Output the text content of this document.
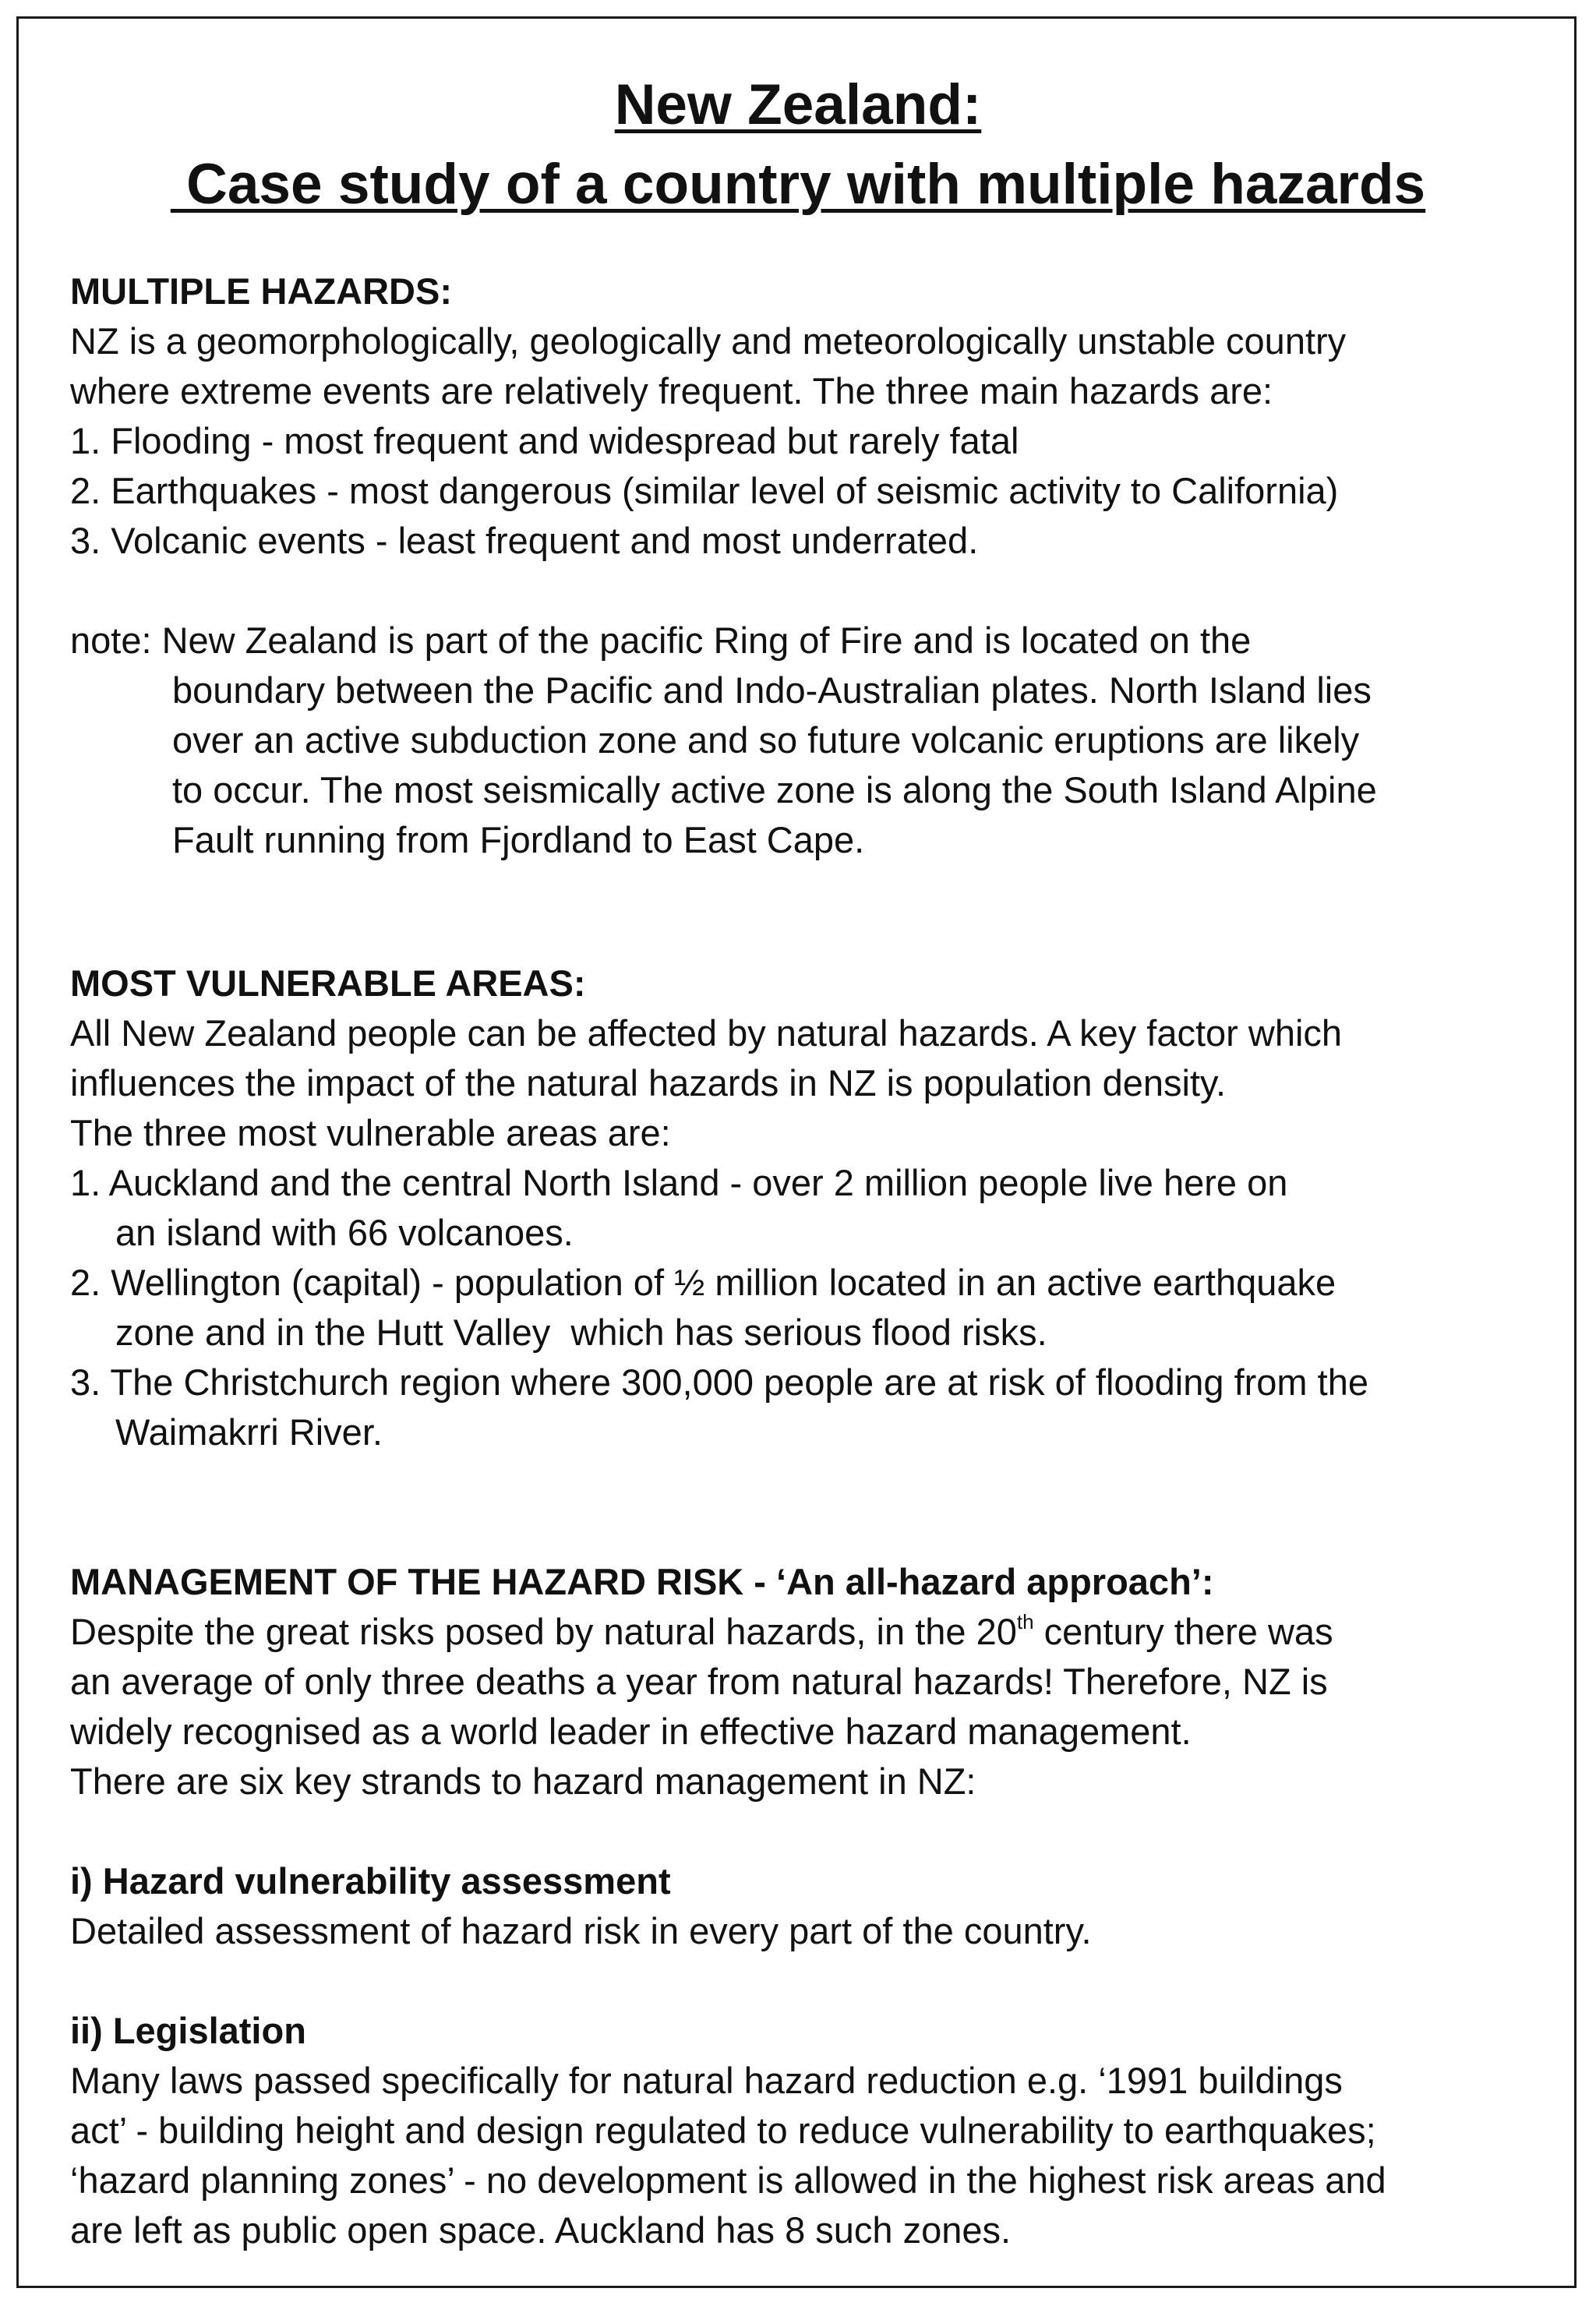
New Zealand:
Case study of a country with multiple hazards
MULTIPLE HAZARDS:
NZ is a geomorphologically, geologically and meteorologically unstable country
where extreme events are relatively frequent. The three main hazards are:
1. Flooding - most frequent and widespread but rarely fatal
2. Earthquakes - most dangerous (similar level of seismic activity to California)
3. Volcanic events - least frequent and most underrated.
note: New Zealand is part of the pacific Ring of Fire and is located on the
boundary between the Pacific and Indo-Australian plates. North Island lies
over an active subduction zone and so future volcanic eruptions are likely
to occur. The most seismically active zone is along the South Island Alpine
Fault running from Fjordland to East Cape.
MOST VULNERABLE AREAS:
All New Zealand people can be affected by natural hazards. A key factor which
influences the impact of the natural hazards in NZ is population density.
The three most vulnerable areas are:
1. Auckland and the central North Island - over 2 million people live here on
an island with 66 volcanoes.
2. Wellington (capital) - population of ½ million located in an active earthquake
zone and in the Hutt Valley  which has serious flood risks.
3. The Christchurch region where 300,000 people are at risk of flooding from the
Waimakrri River.
MANAGEMENT OF THE HAZARD RISK - ‘An all-hazard approach’:
Despite the great risks posed by natural hazards, in the 20th century there was
an average of only three deaths a year from natural hazards! Therefore, NZ is
widely recognised as a world leader in effective hazard management.
There are six key strands to hazard management in NZ:
i) Hazard vulnerability assessment
Detailed assessment of hazard risk in every part of the country.
ii) Legislation
Many laws passed specifically for natural hazard reduction e.g. ‘1991 buildings
act’ - building height and design regulated to reduce vulnerability to earthquakes;
‘hazard planning zones’ - no development is allowed in the highest risk areas and
are left as public open space. Auckland has 8 such zones.
